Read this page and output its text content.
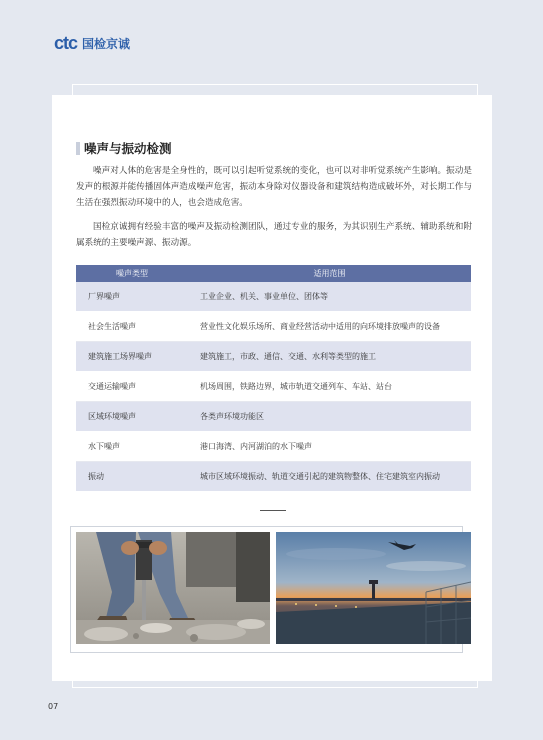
ctc 国检京诚
噪声与振动检测
噪声对人体的危害是全身性的，既可以引起听觉系统的变化，也可以对非听觉系统产生影响。振动是发声的根源并能传播固体声造成噪声危害，振动本身除对仪器设备和建筑结构造成破坏外，对长期工作与生活在强烈振动环境中的人，也会造成危害。
国检京诚拥有经验丰富的噪声及振动检测团队，通过专业的服务，为其识别生产系统、辅助系统和附属系统的主要噪声源、振动源。
噪声类型	适用范围
厂界噪声	工业企业、机关、事业单位、团体等
社会生活噪声	营业性文化娱乐场所、商业经营活动中适用的向环境排放噪声的设备
建筑施工场界噪声	建筑施工，市政、通信、交通、水利等类型的施工
交通运输噪声	机场周围，铁路边界，城市轨道交通列车、车站、站台
区域环境噪声	各类声环境功能区
水下噪声	港口海湾、内河湖泊的水下噪声
振动	城市区域环境振动、轨道交通引起的建筑物整体、住宅建筑室内振动
07
